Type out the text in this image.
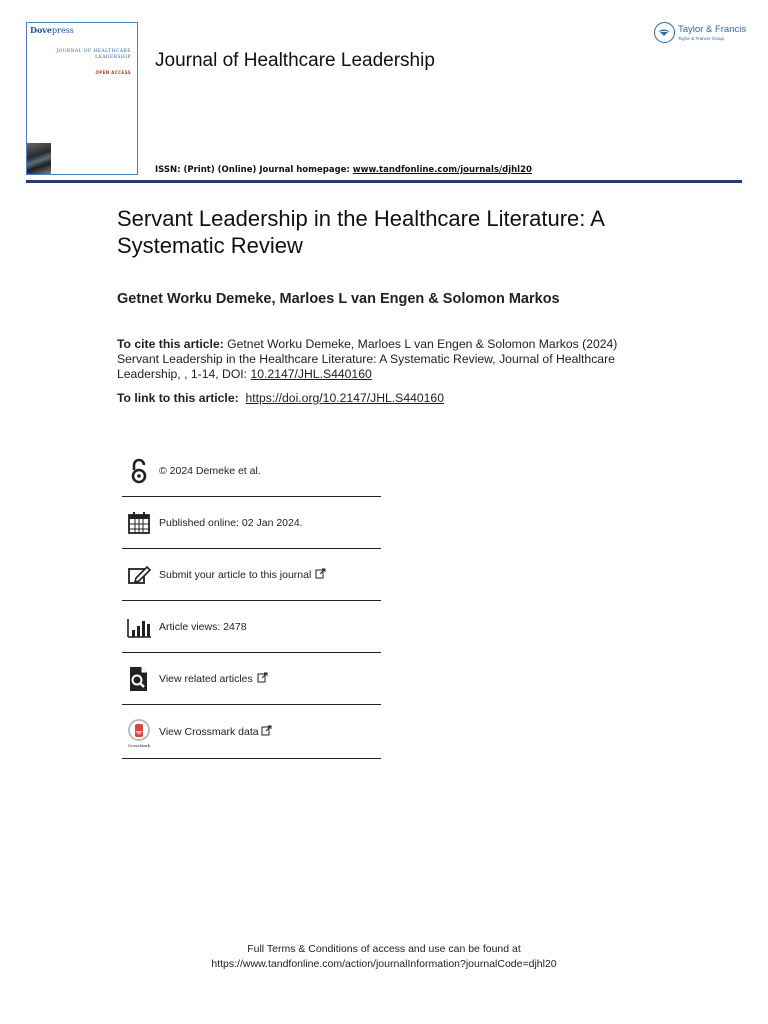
Dovepress
JOURNAL OF HEALTHCARE
LEADERSHIP
OPEN ACCESS
Journal of Healthcare Leadership
ISSN: (Print) (Online) Journal homepage: www.tandfonline.com/journals/djhl20
Taylor & Francis
Taylor & Francis Group
Servant Leadership in the Healthcare Literature: A Systematic Review
Getnet Worku Demeke, Marloes L van Engen & Solomon Markos
To cite this article: Getnet Worku Demeke, Marloes L van Engen & Solomon Markos (2024) Servant Leadership in the Healthcare Literature: A Systematic Review, Journal of Healthcare Leadership, , 1-14, DOI: 10.2147/JHL.S440160
To link to this article: https://doi.org/10.2147/JHL.S440160
© 2024 Demeke et al.
Published online: 02 Jan 2024.
Submit your article to this journal
Article views: 2478
View related articles
CrossMark
View Crossmark data
Full Terms & Conditions of access and use can be found at
https://www.tandfonline.com/action/journalInformation?journalCode=djhl20
